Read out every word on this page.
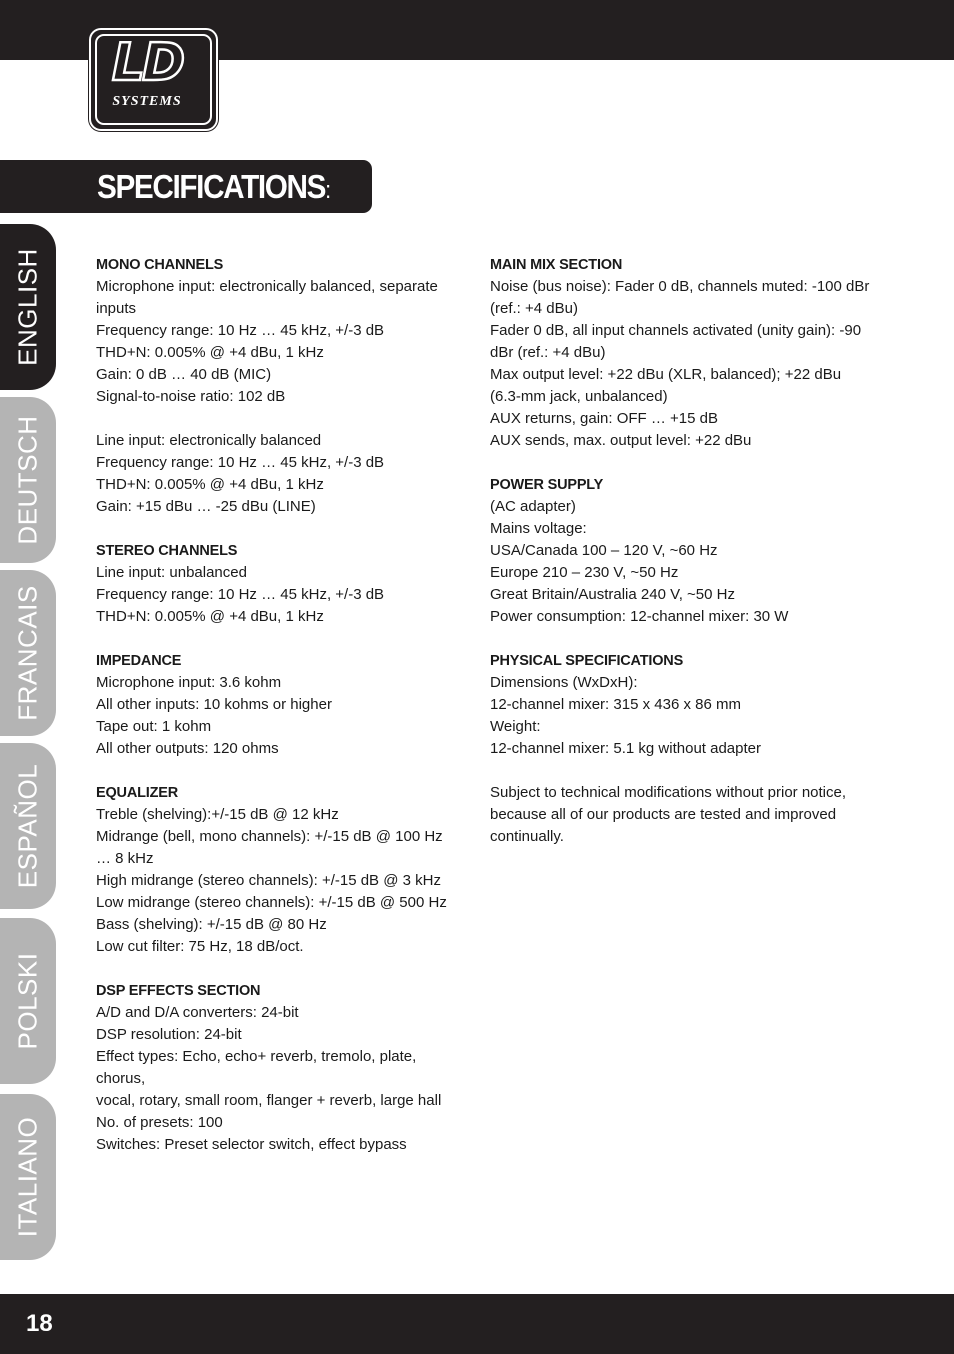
LD
SYSTEMS
SPECIFICATIONS:
ENGLISH
DEUTSCH
FRANCAIS
ESPAÑOL
POLSKI
ITALIANO
MONO CHANNELS
Microphone input: electronically balanced, separate
inputs
Frequency range: 10 Hz … 45 kHz, +/-3 dB
THD+N: 0.005% @ +4 dBu, 1 kHz
Gain: 0 dB … 40 dB (MIC)
Signal-to-noise ratio: 102 dB
Line input: electronically balanced
Frequency range: 10 Hz … 45 kHz, +/-3 dB
THD+N: 0.005% @ +4 dBu, 1 kHz
Gain: +15 dBu … -25 dBu (LINE)
STEREO CHANNELS
Line input: unbalanced
Frequency range: 10 Hz … 45 kHz, +/-3 dB
THD+N: 0.005% @ +4 dBu, 1 kHz
IMPEDANCE
Microphone input: 3.6 kohm
All other inputs: 10 kohms or higher
Tape out: 1 kohm
All other outputs: 120 ohms
EQUALIZER
Treble (shelving):+/-15 dB @ 12 kHz
Midrange (bell, mono channels): +/-15 dB @ 100 Hz
… 8 kHz
High midrange (stereo channels): +/-15 dB @ 3 kHz
Low midrange (stereo channels): +/-15 dB @ 500 Hz
Bass (shelving): +/-15 dB @ 80 Hz
Low cut filter: 75 Hz, 18 dB/oct.
DSP EFFECTS SECTION
A/D and D/A converters: 24-bit
DSP resolution: 24-bit
Effect types: Echo, echo+ reverb, tremolo, plate, chorus,
vocal, rotary, small room, flanger + reverb, large hall
No. of presets: 100
Switches: Preset selector switch, effect bypass
MAIN MIX SECTION
Noise (bus noise): Fader 0 dB, channels muted: -100 dBr
(ref.: +4 dBu)
Fader 0 dB, all input channels activated (unity gain): -90
dBr (ref.: +4 dBu)
Max output level: +22 dBu (XLR, balanced); +22 dBu
(6.3-mm jack, unbalanced)
AUX returns, gain: OFF … +15 dB
AUX sends, max. output level: +22 dBu
POWER SUPPLY
(AC adapter)
Mains voltage:
USA/Canada 100 – 120 V, ~60 Hz
Europe 210 – 230 V, ~50 Hz
Great Britain/Australia 240 V, ~50 Hz
Power consumption: 12-channel mixer: 30 W
PHYSICAL SPECIFICATIONS
Dimensions (WxDxH):
12-channel mixer: 315 x 436 x 86 mm
Weight:
12-channel mixer: 5.1 kg without adapter
Subject to technical modifications without prior notice,
because all of our products are tested and improved
continually.
18
